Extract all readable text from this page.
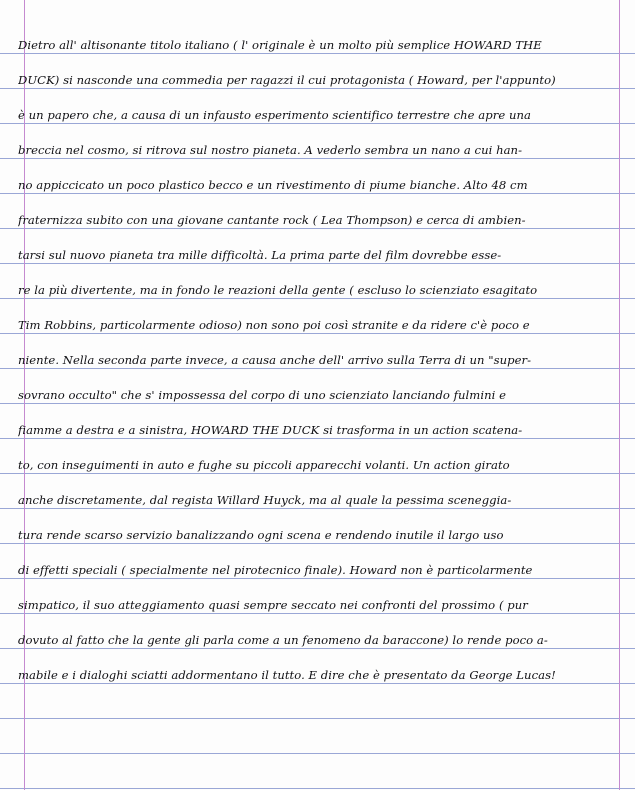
Dietro all' altisonante titolo italiano ( l' originale è un molto più semplice HOWARD THE
DUCK) si nasconde una commedia per ragazzi il cui protagonista ( Howard, per l'appunto)
è un papero che, a causa di un infausto esperimento scientifico terrestre che apre una
breccia nel cosmo, si ritrova sul nostro pianeta. A vederlo sembra un nano a cui han-
no appiccicato un poco plastico becco e un rivestimento di piume bianche. Alto 48 cm
fraternizza subito con una giovane cantante rock ( Lea Thompson) e cerca di ambien-
tarsi sul nuovo pianeta tra mille difficoltà. La prima parte del film dovrebbe esse-
re la più divertente, ma in fondo le reazioni della gente ( escluso lo scienziato esagitato
Tim Robbins, particolarmente odioso) non sono poi così stranite e da ridere c'è poco e
niente. Nella seconda parte invece, a causa anche dell' arrivo sulla Terra di un "super-
sovrano occulto" che s' impossessa del corpo di uno scienziato lanciando fulmini e
fiamme a destra e a sinistra, HOWARD THE DUCK si trasforma in un action scatena-
to, con inseguimenti in auto e fughe su piccoli apparecchi volanti. Un action girato
anche discretamente, dal regista Willard Huyck, ma al quale la pessima sceneggia-
tura rende scarso servizio banalizzando ogni scena e rendendo inutile il largo uso
di effetti speciali ( specialmente nel pirotecnico finale). Howard non è particolarmente
simpatico, il suo atteggiamento quasi sempre seccato nei confronti del prossimo ( pur
dovuto al fatto che la gente gli parla come a un fenomeno da baraccone) lo rende poco a-
mabile e i dialoghi sciatti addormentano il tutto. E dire che è presentato da George Lucas!
